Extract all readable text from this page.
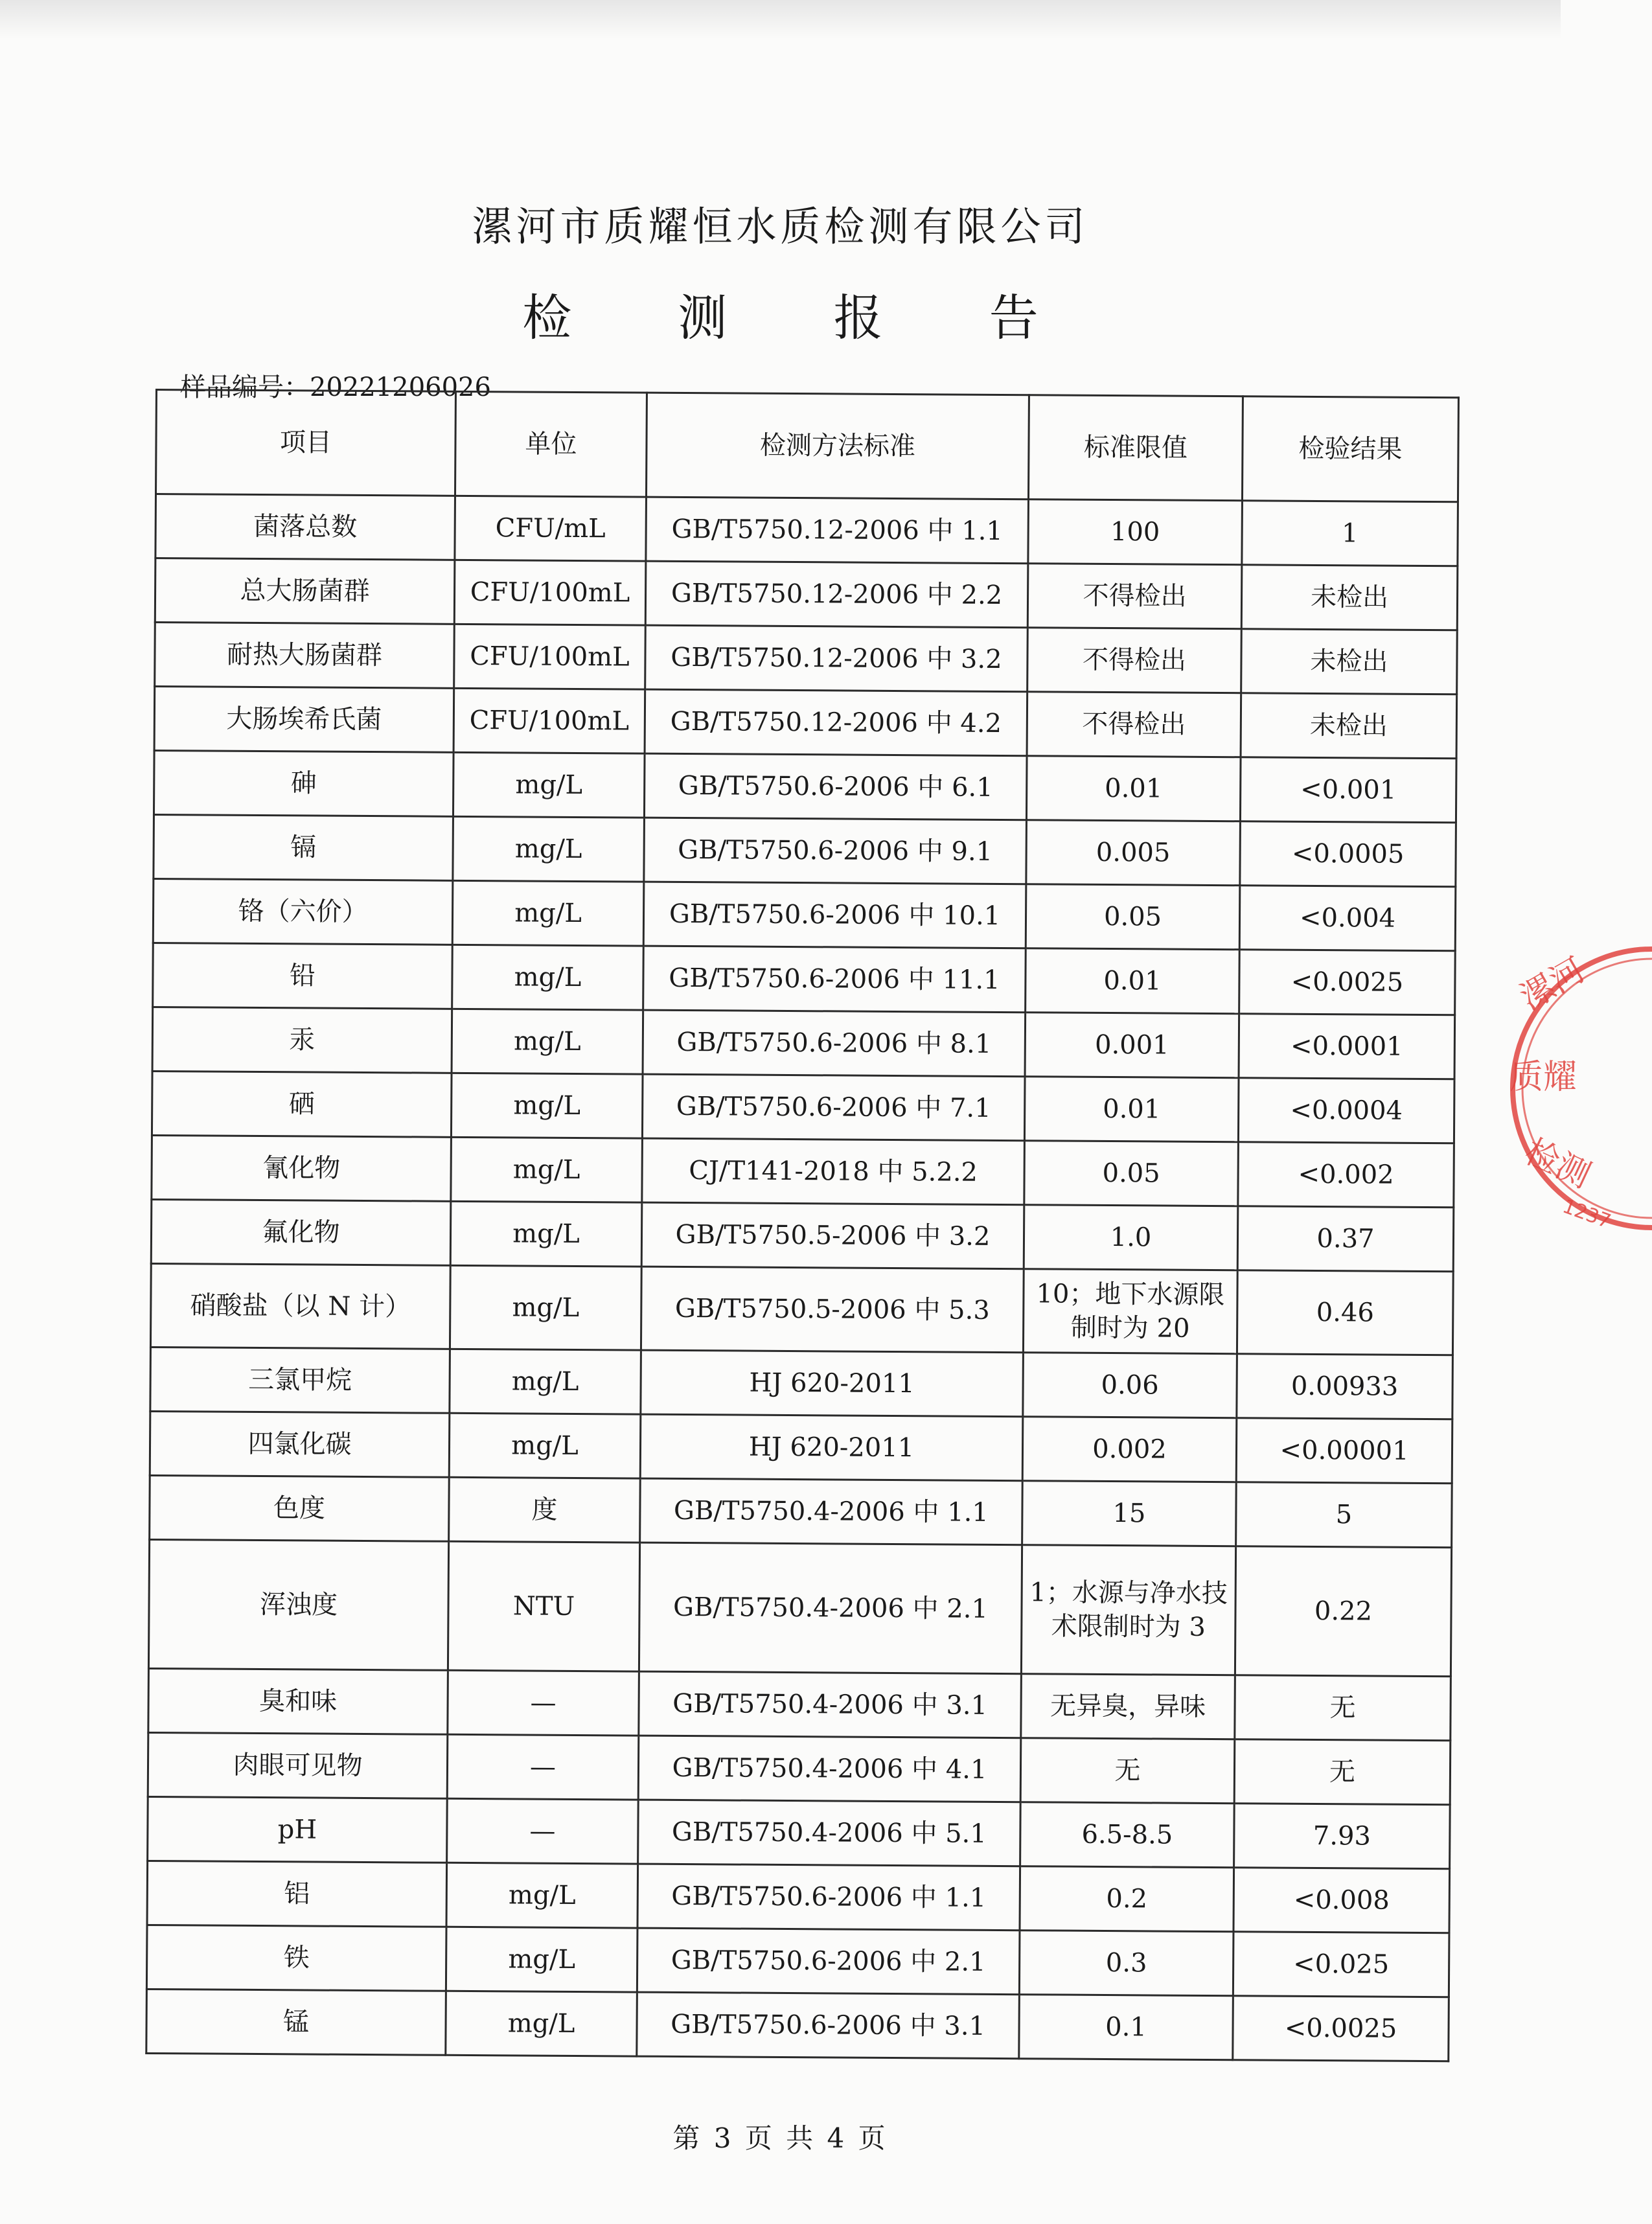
漯河市质耀恒水质检测有限公司
检 测 报 告
样品编号：20221206026
项目	单位	检测方法标准	标准限值	检验结果
菌落总数	CFU/mL	GB/T5750.12-2006 中 1.1	100	1
总大肠菌群	CFU/100mL	GB/T5750.12-2006 中 2.2	不得检出	未检出
耐热大肠菌群	CFU/100mL	GB/T5750.12-2006 中 3.2	不得检出	未检出
大肠埃希氏菌	CFU/100mL	GB/T5750.12-2006 中 4.2	不得检出	未检出
砷	mg/L	GB/T5750.6-2006 中 6.1	0.01	<0.001
镉	mg/L	GB/T5750.6-2006 中 9.1	0.005	<0.0005
铬（六价）	mg/L	GB/T5750.6-2006 中 10.1	0.05	<0.004
铅	mg/L	GB/T5750.6-2006 中 11.1	0.01	<0.0025
汞	mg/L	GB/T5750.6-2006 中 8.1	0.001	<0.0001
硒	mg/L	GB/T5750.6-2006 中 7.1	0.01	<0.0004
氰化物	mg/L	CJ/T141-2018 中 5.2.2	0.05	<0.002
氟化物	mg/L	GB/T5750.5-2006 中 3.2	1.0	0.37
硝酸盐（以 N 计）	mg/L	GB/T5750.5-2006 中 5.3	10；地下水源限制时为 20	0.46
三氯甲烷	mg/L	HJ 620-2011	0.06	0.00933
四氯化碳	mg/L	HJ 620-2011	0.002	<0.00001
色度	度	GB/T5750.4-2006 中 1.1	15	5
浑浊度	NTU	GB/T5750.4-2006 中 2.1	1；水源与净水技术限制时为 3	0.22
臭和味	—	GB/T5750.4-2006 中 3.1	无异臭，异味	无
肉眼可见物	—	GB/T5750.4-2006 中 4.1	无	无
pH	—	GB/T5750.4-2006 中 5.1	6.5-8.5	7.93
铝	mg/L	GB/T5750.6-2006 中 1.1	0.2	<0.008
铁	mg/L	GB/T5750.6-2006 中 2.1	0.3	<0.025
锰	mg/L	GB/T5750.6-2006 中 3.1	0.1	<0.0025
第 3 页 共 4 页
漯河
质耀
检测
1237
